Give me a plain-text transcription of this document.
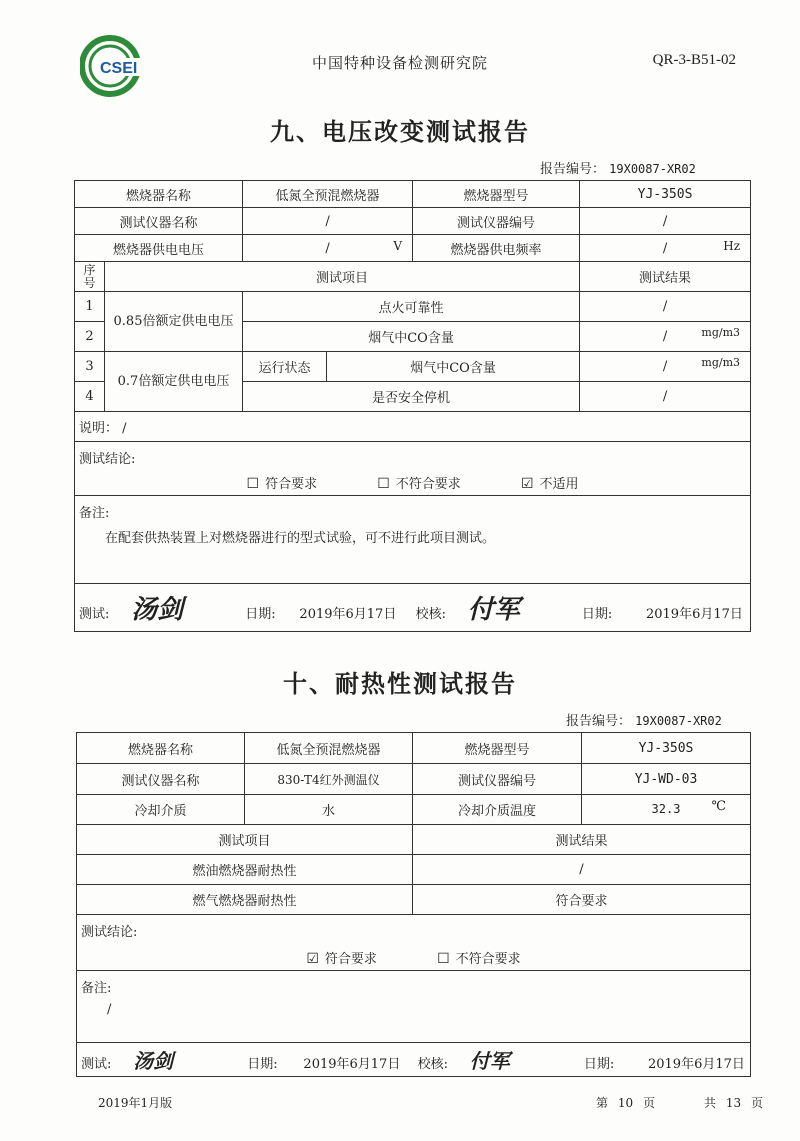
CSEI	中国特种设备检测研究院	QR-3-B51-02
九、电压改变测试报告
报告编号： 19X0087-XR02
燃烧器名称		低氮全预混燃烧器		燃烧器型号	YJ-350S
测试仪器名称		/		测试仪器编号	/
燃烧器供电电压		/ V		燃烧器供电频率	/ Hz

序号	测试项目				测试结果
1	0.85倍额定供电电压	点火可靠性			/
2		烟气中CO含量			/ mg/m3

3	0.7倍额定供电电压	运行状态	烟气中CO含量		/ mg/m3

4		是否安全停机			/
说明： /					

测试结论:
☐ 符合要求 ☐ 不符合要求 ☑ 不适用					

备注:
在配套供热装置上对燃烧器进行的型式试验，可不进行此项目测试。					

测试: 汤剑 日期: 2019年6月17日 校核: 付军 日期: 2019年6月17日					
十、耐热性测试报告
报告编号： 19X0087-XR02
燃烧器名称	低氮全预混燃烧器	燃烧器型号	YJ-350S
测试仪器名称	830-T4红外测温仪	测试仪器编号	YJ-WD-03
冷却介质	水	冷却介质温度	32.3 ℃

测试项目		测试结果	
燃油燃烧器耐热性		/	
燃气燃烧器耐热性		符合要求	

测试结论:
☑ 符合要求 ☐ 不符合要求			

备注:
/			

测试: 汤剑 日期: 2019年6月17日 校核: 付军 日期: 2019年6月17日			
2019年1月版	第 10 页	共 13 页
